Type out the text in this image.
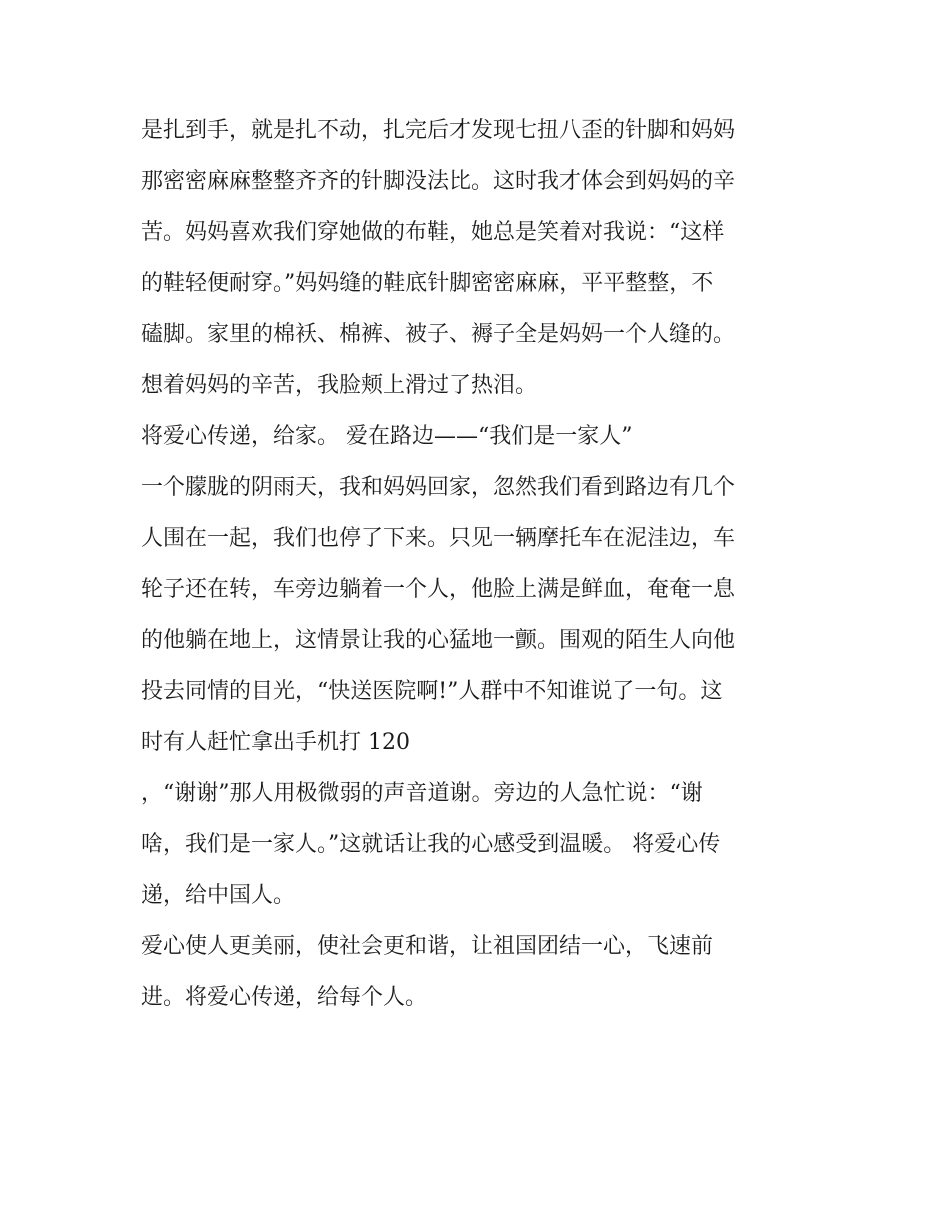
是扎到手，就是扎不动，扎完后才发现七扭八歪的针脚和妈妈
那密密麻麻整整齐齐的针脚没法比。这时我才体会到妈妈的辛
苦。妈妈喜欢我们穿她做的布鞋，她总是笑着对我说：“这样
的鞋轻便耐穿。”妈妈缝的鞋底针脚密密麻麻，平平整整，不
磕脚。家里的棉袄、棉裤、被子、褥子全是妈妈一个人缝的。
想着妈妈的辛苦，我脸颊上滑过了热泪。
将爱心传递，给家。 爱在路边——“我们是一家人”
一个朦胧的阴雨天，我和妈妈回家，忽然我们看到路边有几个
人围在一起，我们也停了下来。只见一辆摩托车在泥洼边，车
轮子还在转，车旁边躺着一个人，他脸上满是鲜血，奄奄一息
的他躺在地上，这情景让我的心猛地一颤。围观的陌生人向他
投去同情的目光，“快送医院啊!”人群中不知谁说了一句。这
时有人赶忙拿出手机打 120
，“谢谢”那人用极微弱的声音道谢。旁边的人急忙说：“谢
啥，我们是一家人。”这就话让我的心感受到温暖。 将爱心传
递，给中国人。
爱心使人更美丽，使社会更和谐，让祖国团结一心，飞速前
进。将爱心传递，给每个人。
